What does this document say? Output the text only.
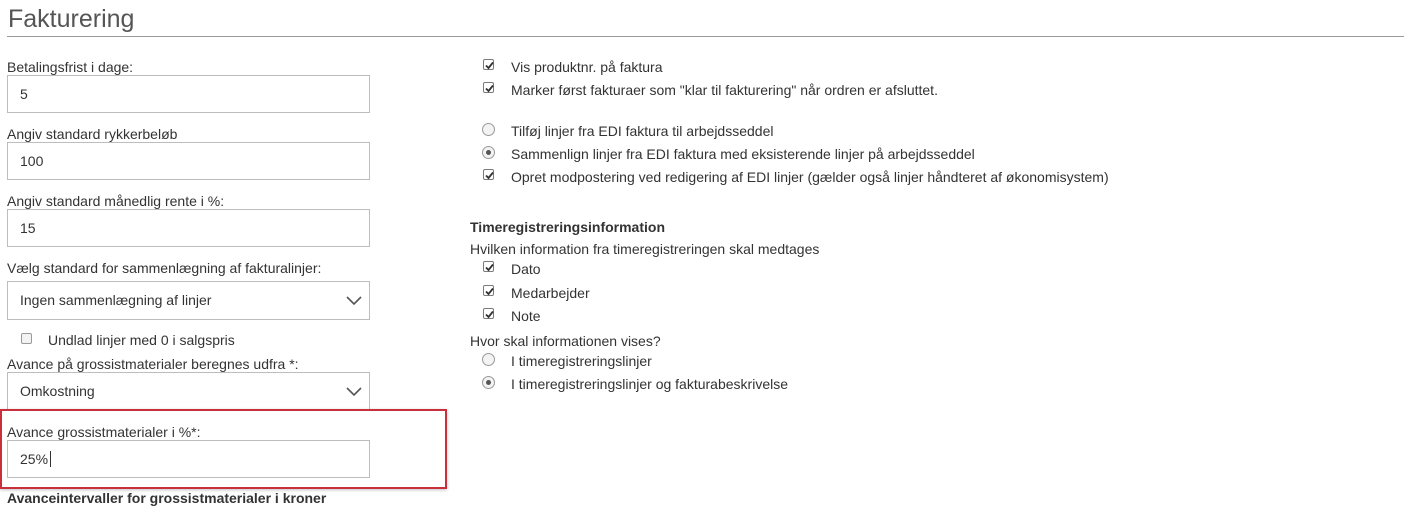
Fakturering
Betalingsfrist i dage:
5
Angiv standard rykkerbeløb
100
Angiv standard månedlig rente i %:
15
Vælg standard for sammenlægning af fakturalinjer:
Ingen sammenlægning af linjer
Undlad linjer med 0 i salgspris
Avance på grossistmaterialer beregnes udfra *:
Omkostning
Avance grossistmaterialer i %*:
25%
Avanceintervaller for grossistmaterialer i kroner
Vis produktnr. på faktura
Marker først fakturaer som "klar til fakturering" når ordren er afsluttet.
Tilføj linjer fra EDI faktura til arbejdsseddel
Sammenlign linjer fra EDI faktura med eksisterende linjer på arbejdsseddel
Opret modpostering ved redigering af EDI linjer (gælder også linjer håndteret af økonomisystem)
Timeregistreringsinformation
Hvilken information fra timeregistreringen skal medtages
Dato
Medarbejder
Note
Hvor skal informationen vises?
I timeregistreringslinjer
I timeregistreringslinjer og fakturabeskrivelse
